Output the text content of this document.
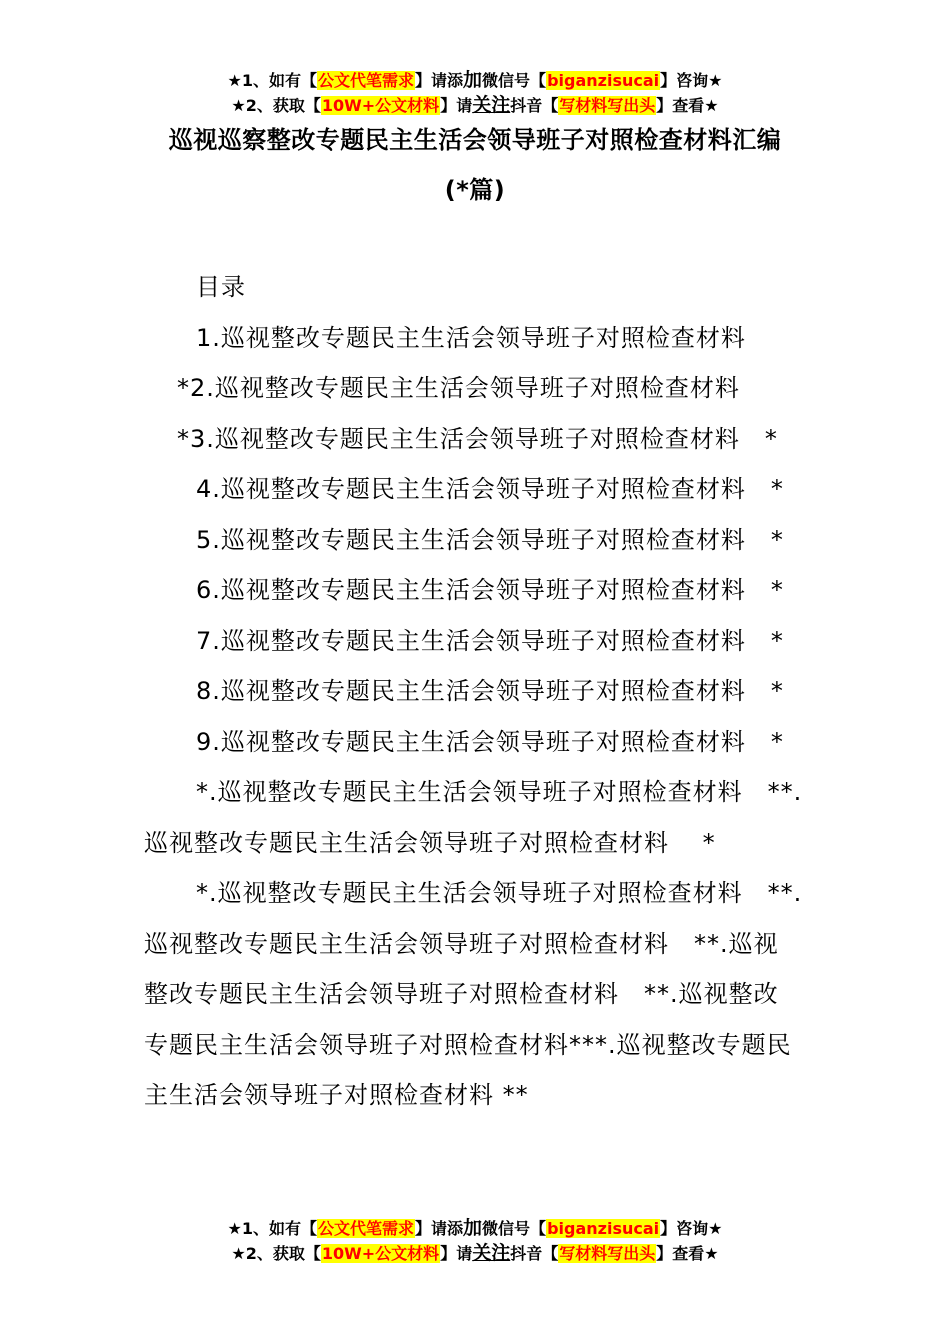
★1、如有【公文代笔需求】请添加微信号【biganzisucai】咨询★
★2、获取【10W+公文材料】请关注抖音【写材料写出头】查看★
巡视巡察整改专题民主生活会领导班子对照检查材料汇编
(*篇)
目录
1.巡视整改专题民主生活会领导班子对照检查材料
*2.巡视整改专题民主生活会领导班子对照检查材料
*3.巡视整改专题民主生活会领导班子对照检查材料　*
4.巡视整改专题民主生活会领导班子对照检查材料　*
5.巡视整改专题民主生活会领导班子对照检查材料　*
6.巡视整改专题民主生活会领导班子对照检查材料　*
7.巡视整改专题民主生活会领导班子对照检查材料　*
8.巡视整改专题民主生活会领导班子对照检查材料　*
9.巡视整改专题民主生活会领导班子对照检查材料　*
*.巡视整改专题民主生活会领导班子对照检查材料　**.
巡视整改专题民主生活会领导班子对照检查材料　 *
*.巡视整改专题民主生活会领导班子对照检查材料　**.
巡视整改专题民主生活会领导班子对照检查材料　**.巡视
整改专题民主生活会领导班子对照检查材料　**.巡视整改
专题民主生活会领导班子对照检查材料***.巡视整改专题民
主生活会领导班子对照检查材料 **
★1、如有【公文代笔需求】请添加微信号【biganzisucai】咨询★
★2、获取【10W+公文材料】请关注抖音【写材料写出头】查看★
